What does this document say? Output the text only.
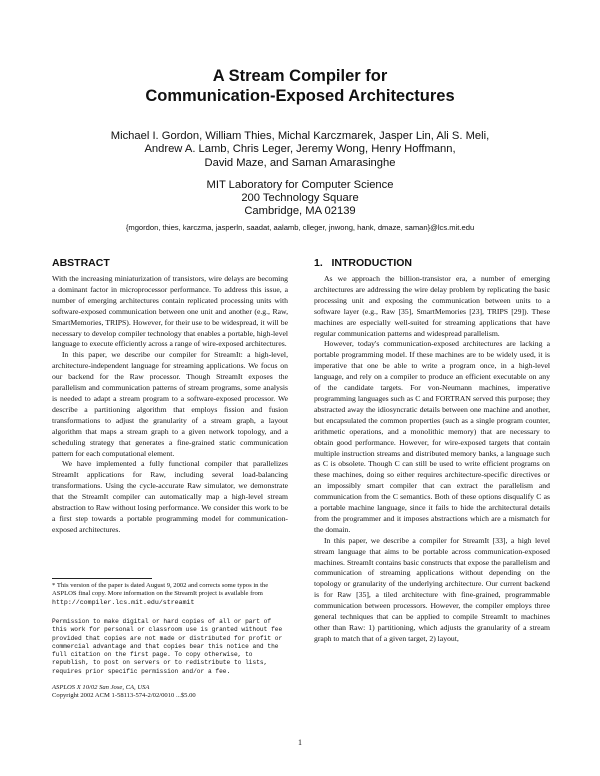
A Stream Compiler for
Communication-Exposed Architectures
Michael I. Gordon, William Thies, Michal Karczmarek, Jasper Lin, Ali S. Meli,
Andrew A. Lamb, Chris Leger, Jeremy Wong, Henry Hoffmann,
David Maze, and Saman Amarasinghe
MIT Laboratory for Computer Science
200 Technology Square
Cambridge, MA 02139
{mgordon, thies, karczma, jasperln, saadat, aalamb, clleger, jnwong, hank, dmaze, saman}@lcs.mit.edu
ABSTRACT

With the increasing miniaturization of transistors, wire delays are becoming a dominant factor in microprocessor performance. To address this issue, a number of emerging architectures contain replicated processing units with software-exposed communication between one unit and another (e.g., Raw, SmartMemories, TRIPS). However, for their use to be widespread, it will be necessary to develop compiler technology that enables a portable, high-level language to execute efficiently across a range of wire-exposed architectures.

In this paper, we describe our compiler for StreamIt: a high-level, architecture-independent language for streaming applications. We focus on our backend for the Raw processor. Though StreamIt exposes the parallelism and communication patterns of stream programs, some analysis is needed to adapt a stream program to a software-exposed processor. We describe a partitioning algorithm that employs fission and fusion transformations to adjust the granularity of a stream graph, a layout algorithm that maps a stream graph to a given network topology, and a scheduling strategy that generates a fine-grained static communication pattern for each computational element.

We have implemented a fully functional compiler that parallelizes StreamIt applications for Raw, including several load-balancing transformations. Using the cycle-accurate Raw simulator, we demonstrate that the StreamIt compiler can automatically map a high-level stream abstraction to Raw without losing performance. We consider this work to be a first step towards a portable programming model for communication-exposed architectures.

* This version of the paper is dated August 9, 2002 and corrects some typos in the ASPLOS final copy. More information on the StreamIt project is available from http://compiler.lcs.mit.edu/streamit
Permission to make digital or hard copies of all or part of this work for personal or classroom use is granted without fee provided that copies are not made or distributed for profit or commercial advantage and that copies bear this notice and the full citation on the first page. To copy otherwise, to republish, to post on servers or to redistribute to lists, requires prior specific permission and/or a fee.
ASPLOS X 10/02 San Jose, CA, USA
Copyright 2002 ACM 1-58113-574-2/02/0010 ...$5.00
1.   INTRODUCTION

As we approach the billion-transistor era, a number of emerging architectures are addressing the wire delay problem by replicating the basic processing unit and exposing the communication between units to a software layer (e.g., Raw [35], SmartMemories [23], TRIPS [29]). These machines are especially well-suited for streaming applications that have regular communication patterns and widespread parallelism.

However, today's communication-exposed architectures are lacking a portable programming model. If these machines are to be widely used, it is imperative that one be able to write a program once, in a high-level language, and rely on a compiler to produce an efficient executable on any of the candidate targets. For von-Neumann machines, imperative programming languages such as C and FORTRAN served this purpose; they abstracted away the idiosyncratic details between one machine and another, but encapsulated the common properties (such as a single program counter, arithmetic operations, and a monolithic memory) that are necessary to obtain good performance. However, for wire-exposed targets that contain multiple instruction streams and distributed memory banks, a language such as C is obsolete. Though C can still be used to write efficient programs on these machines, doing so either requires architecture-specific directives or an impossibly smart compiler that can extract the parallelism and communication from the C semantics. Both of these options disqualify C as a portable machine language, since it fails to hide the architectural details from the programmer and it imposes abstractions which are a mismatch for the domain.

In this paper, we describe a compiler for StreamIt [33], a high level stream language that aims to be portable across communication-exposed machines. StreamIt contains basic constructs that expose the parallelism and communication of streaming applications without depending on the topology or granularity of the underlying architecture. Our current backend is for Raw [35], a tiled architecture with fine-grained, programmable communication between processors. However, the compiler employs three general techniques that can be applied to compile StreamIt to machines other than Raw: 1) partitioning, which adjusts the granularity of a stream graph to match that of a given target, 2) layout,

1
